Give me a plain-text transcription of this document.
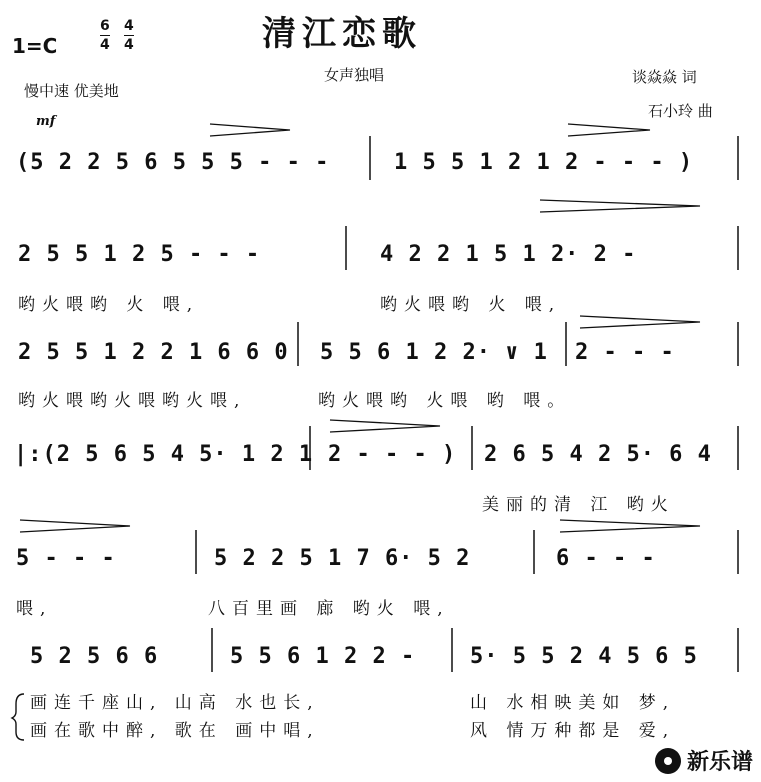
清江恋歌
1=C
6
4
4
4
女声独唱
慢中速 优美地
谈焱焱 词
石小玲 曲
mf
(5 2 2 5 6 5 5 5 - - -	1 5 5 1 2 1 2 - - - )
2 5 5 1 2 5 - - -	4 2 2 1 5 1 2· 2 -
哟火喂哟 火 喂,	哟火喂哟 火 喂,
2 5 5 1 2 2 1 6 6 0 5 5 6 1 2 2· ∨ 1 2 - - -
哟火喂哟火喂哟火喂,	哟火喂哟 火喂 哟 喂。
|:(2 5 6 5 4 5· 1 2 1 2 - - - ) 2 6 5 4 2 5· 6 4
美丽的清 江 哟火
5 - - -	5 2 2 5 1 7 6· 5 2	6 - - -
喂,	八百里画 廊 哟火 喂,
5 2 5 6 6	5 5 6 1 2 2 - 5· 5 5 2 4 5 6 5
画连千座山, 山高 水也长,	山 水相映美如 梦,
画在歌中醉, 歌在 画中唱,	风 情万种都是 爱,
新乐谱
